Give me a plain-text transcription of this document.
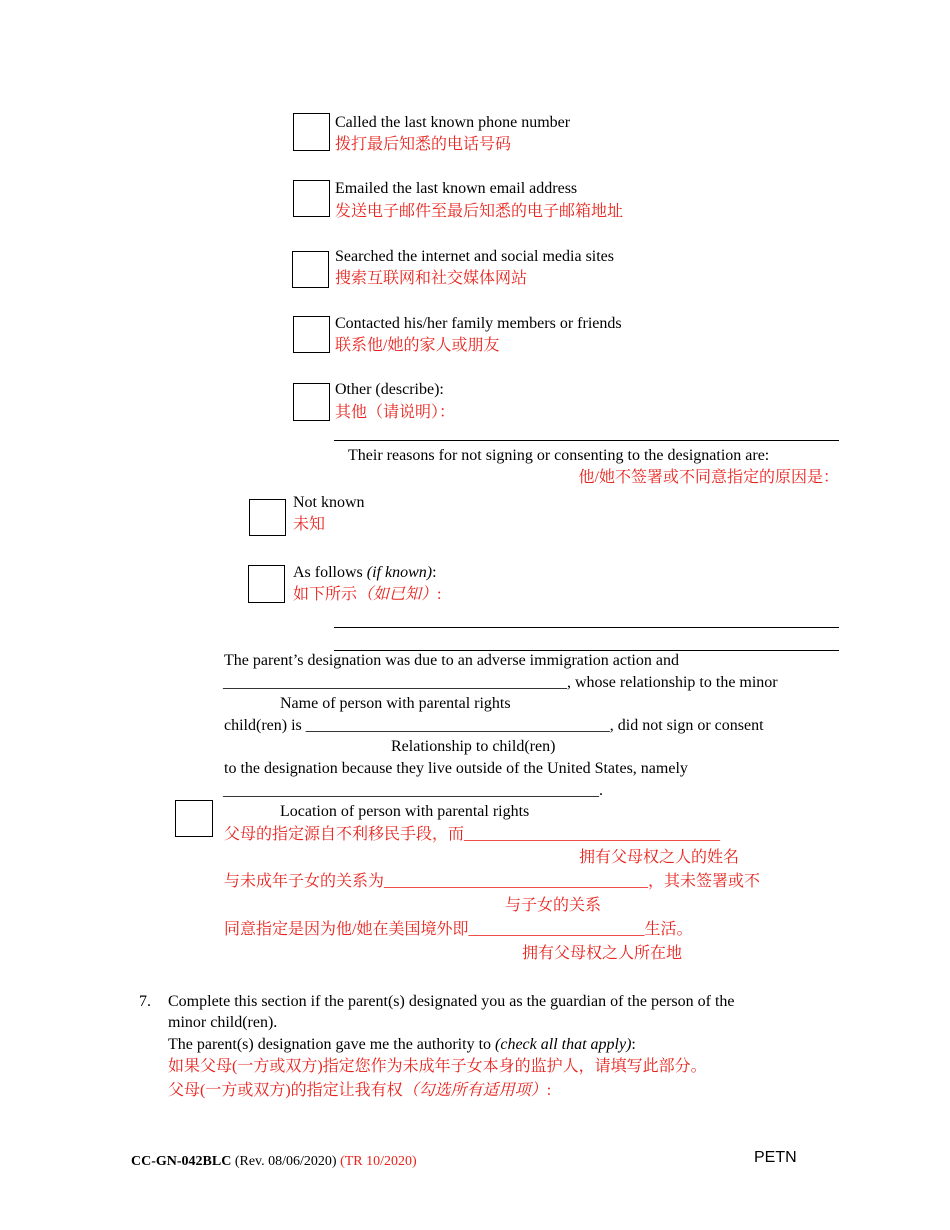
Called the last known phone number
拨打最后知悉的电话号码
Emailed the last known email address
发送电子邮件至最后知悉的电子邮箱地址
Searched the internet and social media sites
搜索互联网和社交媒体网站
Contacted his/her family members or friends
联系他/她的家人或朋友
Other (describe):
其他（请说明）：
Their reasons for not signing or consenting to the designation are:
他/她不签署或不同意指定的原因是：
Not known
未知
As follows (if known):
如下所示（如已知）:
The parent’s designation was due to an adverse immigration action and
___________________________________________, whose relationship to the minor
Name of person with parental rights
child(ren) is ______________________________________, did not sign or consent
Relationship to child(ren)
to the designation because they live outside of the United States, namely
_______________________________________________.
Location of person with parental rights
父母的指定源自不利移民手段，而________________________________
拥有父母权之人的姓名
与未成年子女的关系为_________________________________，其未签署或不
与子女的关系
同意指定是因为他/她在美国境外即______________________生活。
拥有父母权之人所在地
7. Complete this section if the parent(s) designated you as the guardian of the person of the
minor child(ren).
The parent(s) designation gave me the authority to (check all that apply):
如果父母(一方或双方)指定您作为未成年子女本身的监护人，请填写此部分。
父母(一方或双方)的指定让我有权（勾选所有适用项）:
CC-GN-042BLC (Rev. 08/06/2020) (TR 10/2020)	PETN
